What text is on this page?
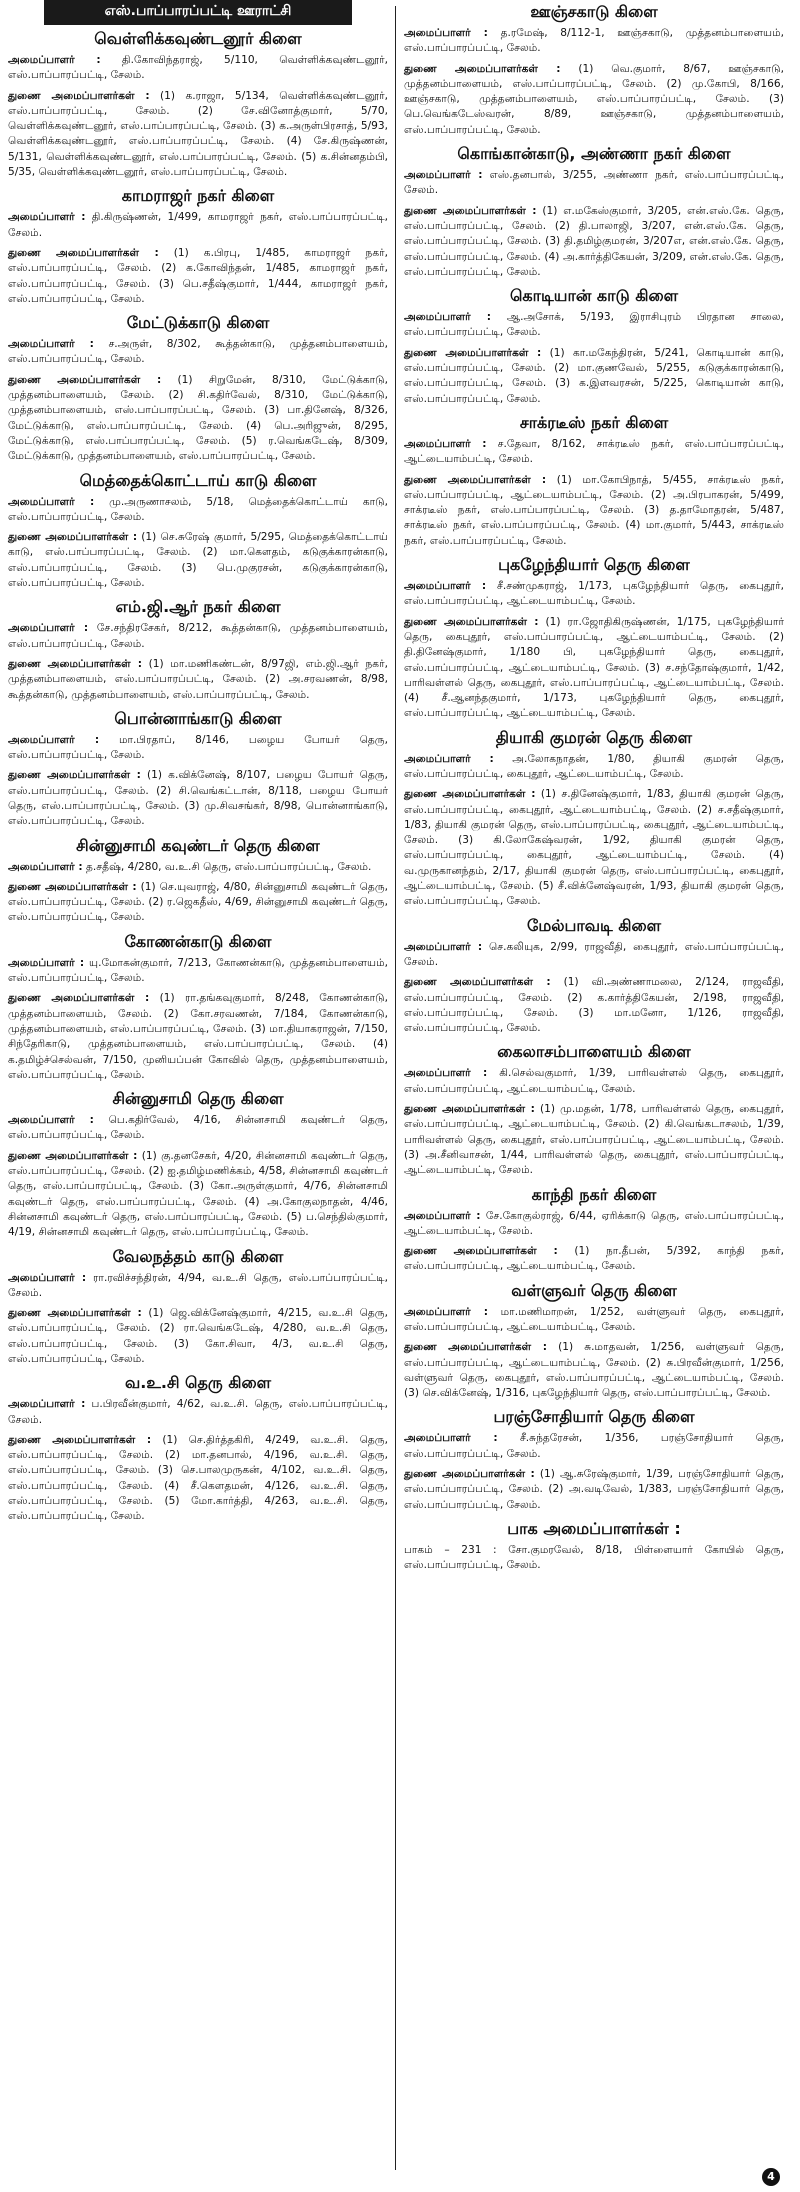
எஸ்.பாப்பாரப்பட்டி ஊராட்சி
வெள்ளிக்கவுண்டனூர் கிளை

அமைப்பாளர் : தி.கோவிந்தராஜ், 5/110, வெள்ளிக்கவுண்டனூர், எஸ்.பாப்பாரப்பட்டி, சேலம்.

துணை அமைப்பாளர்கள் : (1) க.ராஜா, 5/134, வெள்ளிக்கவுண்டனூர், எஸ்.பாப்பாரப்பட்டி, சேலம். (2) சே.வினோத்குமார், 5/70, வெள்ளிக்கவுண்டனூர், எஸ்.பாப்பாரப்பட்டி, சேலம். (3) க.அருள்பிரசாத், 5/93, வெள்ளிக்கவுண்டனூர், எஸ்.பாப்பாரப்பட்டி, சேலம். (4) சே.கிருஷ்ணன், 5/131, வெள்ளிக்கவுண்டனூர், எஸ்.பாப்பாரப்பட்டி, சேலம். (5) க.சின்னதம்பி, 5/35, வெள்ளிக்கவுண்டனூர், எஸ்.பாப்பாரப்பட்டி, சேலம்.

காமராஜர் நகர் கிளை

அமைப்பாளர் : தி.கிருஷ்ணன், 1/499, காமராஜர் நகர், எஸ்.பாப்பாரப்பட்டி, சேலம்.

துணை அமைப்பாளர்கள் : (1) க.பிரபு, 1/485, காமராஜர் நகர், எஸ்.பாப்பாரப்பட்டி, சேலம். (2) க.கோவிந்தன், 1/485, காமராஜர் நகர், எஸ்.பாப்பாரப்பட்டி, சேலம். (3) பெ.சதீஷ்குமார், 1/444, காமராஜர் நகர், எஸ்.பாப்பாரப்பட்டி, சேலம்.

மேட்டுக்காடு கிளை

அமைப்பாளர் : ச.அருள், 8/302, கூத்தன்காடு, முத்தனம்பாளையம், எஸ்.பாப்பாரப்பட்டி, சேலம்.

துணை அமைப்பாளர்கள் : (1) சிறுமேன், 8/310, மேட்டுக்காடு, முத்தனம்பாளையம், சேலம். (2) சி.கதிர்வேல், 8/310, மேட்டுக்காடு, முத்தனம்பாளையம், எஸ்.பாப்பாரப்பட்டி, சேலம். (3) பா.தினேஷ், 8/326, மேட்டுக்காடு, எஸ்.பாப்பாரப்பட்டி, சேலம். (4) பெ.அரிஜுன், 8/295, மேட்டுக்காடு, எஸ்.பாப்பாரப்பட்டி, சேலம். (5) ர.வெங்கடேஷ், 8/309, மேட்டுக்காடு, முத்தனம்பாளையம், எஸ்.பாப்பாரப்பட்டி, சேலம்.

மெத்தைக்கொட்டாய் காடு கிளை

அமைப்பாளர் : மு.அருணாசலம், 5/18, மெத்தைக்கொட்டாய் காடு, எஸ்.பாப்பாரப்பட்டி, சேலம்.

துணை அமைப்பாளர்கள் : (1) செ.சுரேஷ் குமார், 5/295, மெத்தைக்கொட்டாய் காடு, எஸ்.பாப்பாரப்பட்டி, சேலம். (2) மா.கௌதம், கடுகுக்காரன்காடு, எஸ்.பாப்பாரப்பட்டி, சேலம். (3) பெ.முகுரசன், கடுகுக்காரன்காடு, எஸ்.பாப்பாரப்பட்டி, சேலம்.

எம்.ஜி.ஆர் நகர் கிளை

அமைப்பாளர் : சே.சந்திரசேகர், 8/212, கூத்தன்காடு, முத்தனம்பாளையம், எஸ்.பாப்பாரப்பட்டி, சேலம்.

துணை அமைப்பாளர்கள் : (1) மா.மணிகண்டன், 8/97ஜி, எம்.ஜி.ஆர் நகர், முத்தனம்பாளையம், எஸ்.பாப்பாரப்பட்டி, சேலம். (2) அ.சரவணன், 8/98, கூத்தன்காடு, முத்தனம்பாளையம், எஸ்.பாப்பாரப்பட்டி, சேலம்.

பொன்னாங்காடு கிளை

அமைப்பாளர் : மா.பிரதாப், 8/146, பழைய போயர் தெரு, எஸ்.பாப்பாரப்பட்டி, சேலம்.

துணை அமைப்பாளர்கள் : (1) க.விக்னேஷ், 8/107, பழைய போயர் தெரு, எஸ்.பாப்பாரப்பட்டி, சேலம். (2) சி.வெங்கட்டான், 8/118, பழைய போயர் தெரு, எஸ்.பாப்பாரப்பட்டி, சேலம். (3) மு.சிவசங்கர், 8/98, பொன்னாங்காடு, எஸ்.பாப்பாரப்பட்டி, சேலம்.

சின்னுசாமி கவுண்டர் தெரு கிளை

அமைப்பாளர் : த.சதீஷ், 4/280, வ.உ.சி தெரு, எஸ்.பாப்பாரப்பட்டி, சேலம்.

துணை அமைப்பாளர்கள் : (1) செ.யுவராஜ், 4/80, சின்னுசாமி கவுண்டர் தெரு, எஸ்.பாப்பாரப்பட்டி, சேலம். (2) ர.ஜெகதீஸ், 4/69, சின்னுசாமி கவுண்டர் தெரு, எஸ்.பாப்பாரப்பட்டி, சேலம்.

கோணன்காடு கிளை

அமைப்பாளர் : யு.மோகன்குமார், 7/213, கோணன்காடு, முத்தனம்பாளையம், எஸ்.பாப்பாரப்பட்டி, சேலம்.

துணை அமைப்பாளர்கள் : (1) ரா.தங்கவுகுமார், 8/248, கோணன்காடு, முத்தனம்பாளையம், சேலம். (2) கோ.சரவணன், 7/184, கோணன்காடு, முத்தனம்பாளையம், எஸ்.பாப்பாரப்பட்டி, சேலம். (3) மா.தியாகராஜன், 7/150, சிந்தேரிகாடு, முத்தனம்பாளையம், எஸ்.பாப்பாரப்பட்டி, சேலம். (4) க.தமிழ்ச்செல்வன், 7/150, முனியப்பன் கோவில் தெரு, முத்தனம்பாளையம், எஸ்.பாப்பாரப்பட்டி, சேலம்.

சின்னுசாமி தெரு கிளை

அமைப்பாளர் : பெ.கதிர்வேல், 4/16, சின்னசாமி கவுண்டர் தெரு, எஸ்.பாப்பாரப்பட்டி, சேலம்.

துணை அமைப்பாளர்கள் : (1) கு.தனசேகர், 4/20, சின்னசாமி கவுண்டர் தெரு, எஸ்.பாப்பாரப்பட்டி, சேலம். (2) ஐ.தமிழ்மணிக்கம், 4/58, சின்னசாமி கவுண்டர் தெரு, எஸ்.பாப்பாரப்பட்டி, சேலம். (3) கோ.அருள்குமார், 4/76, சின்னசாமி கவுண்டர் தெரு, எஸ்.பாப்பாரப்பட்டி, சேலம். (4) அ.கோகுலநாதன், 4/46, சின்னசாமி கவுண்டர் தெரு, எஸ்.பாப்பாரப்பட்டி, சேலம். (5) ப.செந்தில்குமார், 4/19, சின்னசாமி கவுண்டர் தெரு, எஸ்.பாப்பாரப்பட்டி, சேலம்.

வேலநத்தம் காடு கிளை

அமைப்பாளர் : ரா.ரவிச்சந்திரன், 4/94, வ.உ.சி தெரு, எஸ்.பாப்பாரப்பட்டி, சேலம்.

துணை அமைப்பாளர்கள் : (1) ஜெ.விக்னேஷ்குமார், 4/215, வ.உ.சி தெரு, எஸ்.பாப்பாரப்பட்டி, சேலம். (2) ரா.வெங்கடேஷ், 4/280, வ.உ.சி தெரு, எஸ்.பாப்பாரப்பட்டி, சேலம். (3) கோ.சிவா, 4/3, வ.உ.சி தெரு, எஸ்.பாப்பாரப்பட்டி, சேலம்.

வ.உ.சி தெரு கிளை

அமைப்பாளர் : ப.பிரவீன்குமார், 4/62, வ.உ.சி. தெரு, எஸ்.பாப்பாரப்பட்டி, சேலம்.

துணை அமைப்பாளர்கள் : (1) செ.திர்த்தகிரி, 4/249, வ.உ.சி. தெரு, எஸ்.பாப்பாரப்பட்டி, சேலம். (2) மா.தனபால், 4/196, வ.உ.சி. தெரு, எஸ்.பாப்பாரப்பட்டி, சேலம். (3) செ.பாலமுருகன், 4/102, வ.உ.சி. தெரு, எஸ்.பாப்பாரப்பட்டி, சேலம். (4) சீ.கௌதமன், 4/126, வ.உ.சி. தெரு, எஸ்.பாப்பாரப்பட்டி, சேலம். (5) மோ.கார்த்தி, 4/263, வ.உ.சி. தெரு, எஸ்.பாப்பாரப்பட்டி, சேலம்.

ஊஞ்சகாடு கிளை

அமைப்பாளர் : த.ரமேஷ், 8/112-1, ஊஞ்சகாடு, முத்தனம்பாளையம், எஸ்.பாப்பாரப்பட்டி, சேலம்.

துணை அமைப்பாளர்கள் : (1) வெ.குமார், 8/67, ஊஞ்சகாடு, முத்தனம்பாளையம், எஸ்.பாப்பாரப்பட்டி, சேலம். (2) மு.கோபி, 8/166, ஊஞ்சகாடு, முத்தனம்பாளையம், எஸ்.பாப்பாரப்பட்டி, சேலம். (3) பெ.வெங்கடேஸ்வரன், 8/89, ஊஞ்சகாடு, முத்தனம்பாளையம், எஸ்.பாப்பாரப்பட்டி, சேலம்.

கொங்கான்காடு, அண்ணா நகர் கிளை

அமைப்பாளர் : எஸ்.தனபால், 3/255, அண்ணா நகர், எஸ்.பாப்பாரப்பட்டி, சேலம்.

துணை அமைப்பாளர்கள் : (1) எ.மகேஸ்குமார், 3/205, என்.எஸ்.கே. தெரு, எஸ்.பாப்பாரப்பட்டி, சேலம். (2) தி.பாலாஜி, 3/207, என்.எஸ்.கே. தெரு, எஸ்.பாப்பாரப்பட்டி, சேலம். (3) தி.தமிழ்குமரன், 3/207எ, என்.எஸ்.கே. தெரு, எஸ்.பாப்பாரப்பட்டி, சேலம். (4) அ.கார்த்திகேயன், 3/209, என்.எஸ்.கே. தெரு, எஸ்.பாப்பாரப்பட்டி, சேலம்.

கொடியான் காடு கிளை

அமைப்பாளர் : ஆ.அசோக், 5/193, இராசிபுரம் பிரதான சாலை, எஸ்.பாப்பாரப்பட்டி, சேலம்.

துணை அமைப்பாளர்கள் : (1) கா.மகேந்திரன், 5/241, கொடியான் காடு, எஸ்.பாப்பாரப்பட்டி, சேலம். (2) மா.குணவேல், 5/255, கடுகுக்காரன்காடு, எஸ்.பாப்பாரப்பட்டி, சேலம். (3) க.இளவரசன், 5/225, கொடியான் காடு, எஸ்.பாப்பாரப்பட்டி, சேலம்.

சாக்ரடீஸ் நகர் கிளை

அமைப்பாளர் : ச.தேவா, 8/162, சாக்ரடீஸ் நகர், எஸ்.பாப்பாரப்பட்டி, ஆட்டையாம்பட்டி, சேலம்.

துணை அமைப்பாளர்கள் : (1) மா.கோபிநாத், 5/455, சாக்ரடீஸ் நகர், எஸ்.பாப்பாரப்பட்டி, ஆட்டையாம்பட்டி, சேலம். (2) அ.பிரபாகரன், 5/499, சாக்ரடீஸ் நகர், எஸ்.பாப்பாரப்பட்டி, சேலம். (3) த.தாமோதரன், 5/487, சாக்ரடீஸ் நகர், எஸ்.பாப்பாரப்பட்டி, சேலம். (4) மா.குமார், 5/443, சாக்ரடீஸ் நகர், எஸ்.பாப்பாரப்பட்டி, சேலம்.

புகழேந்தியார் தெரு கிளை

அமைப்பாளர் : சீ.சண்முகராஜ், 1/173, புகழேந்தியார் தெரு, கைபுதூர், எஸ்.பாப்பாரப்பட்டி, ஆட்டையாம்பட்டி, சேலம்.

துணை அமைப்பாளர்கள் : (1) ரா.ஜோதிகிருஷ்ணன், 1/175, புகழேந்தியார் தெரு, கைபுதூர், எஸ்.பாப்பாரப்பட்டி, ஆட்டையாம்பட்டி, சேலம். (2) தி.தினேஷ்குமார், 1/180 பி, புகழேந்தியார் தெரு, கைபுதூர், எஸ்.பாப்பாரப்பட்டி, ஆட்டையாம்பட்டி, சேலம். (3) ச.சந்தோஷ்குமார், 1/42, பாரிவள்ளல் தெரு, கைபுதூர், எஸ்.பாப்பாரப்பட்டி, ஆட்டையாம்பட்டி, சேலம். (4) சீ.ஆனந்தகுமார், 1/173, புகழேந்தியார் தெரு, கைபுதூர், எஸ்.பாப்பாரப்பட்டி, ஆட்டையாம்பட்டி, சேலம்.

தியாகி குமரன் தெரு கிளை

அமைப்பாளர் : அ.லோகநாதன், 1/80, தியாகி குமரன் தெரு, எஸ்.பாப்பாரப்பட்டி, கைபுதூர், ஆட்டையாம்பட்டி, சேலம்.

துணை அமைப்பாளர்கள் : (1) ச.தினேஷ்குமார், 1/83, தியாகி குமரன் தெரு, எஸ்.பாப்பாரப்பட்டி, கைபுதூர், ஆட்டையாம்பட்டி, சேலம். (2) ச.சதீஷ்குமார், 1/83, தியாகி குமரன் தெரு, எஸ்.பாப்பாரப்பட்டி, கைபுதூர், ஆட்டையாம்பட்டி, சேலம். (3) கி.லோகேஷ்வரன், 1/92, தியாகி குமரன் தெரு, எஸ்.பாப்பாரப்பட்டி, கைபுதூர், ஆட்டையாம்பட்டி, சேலம். (4) வ.முருகானந்தம், 2/17, தியாகி குமரன் தெரு, எஸ்.பாப்பாரப்பட்டி, கைபுதூர், ஆட்டையாம்பட்டி, சேலம். (5) சீ.விக்னேஷ்வரன், 1/93, தியாகி குமரன் தெரு, எஸ்.பாப்பாரப்பட்டி, சேலம்.

மேல்பாவடி கிளை

அமைப்பாளர் : செ.கலியுக, 2/99, ராஜவீதி, கைபுதூர், எஸ்.பாப்பாரப்பட்டி, சேலம்.

துணை அமைப்பாளர்கள் : (1) வி.அண்ணாமலை, 2/124, ராஜவீதி, எஸ்.பாப்பாரப்பட்டி, சேலம். (2) க.கார்த்திகேயன், 2/198, ராஜவீதி, எஸ்.பாப்பாரப்பட்டி, சேலம். (3) மா.மனோ, 1/126, ராஜவீதி, எஸ்.பாப்பாரப்பட்டி, சேலம்.

கைலாசம்பாளையம் கிளை

அமைப்பாளர் : கி.செல்வகுமார், 1/39, பாரிவள்ளல் தெரு, கைபுதூர், எஸ்.பாப்பாரப்பட்டி, ஆட்டையாம்பட்டி, சேலம்.

துணை அமைப்பாளர்கள் : (1) மு.மதன், 1/78, பாரிவள்ளல் தெரு, கைபுதூர், எஸ்.பாப்பாரப்பட்டி, ஆட்டையாம்பட்டி, சேலம். (2) கி.வெங்கடாசலம், 1/39, பாரிவள்ளல் தெரு, கைபுதூர், எஸ்.பாப்பாரப்பட்டி, ஆட்டையாம்பட்டி, சேலம். (3) அ.சீனிவாசன், 1/44, பாரிவள்ளல் தெரு, கைபுதூர், எஸ்.பாப்பாரப்பட்டி, ஆட்டையாம்பட்டி, சேலம்.

காந்தி நகர் கிளை

அமைப்பாளர் : சே.கோகுல்ராஜ், 6/44, ஏரிக்காடு தெரு, எஸ்.பாப்பாரப்பட்டி, ஆட்டையாம்பட்டி, சேலம்.

துணை அமைப்பாளர்கள் : (1) நா.தீபன், 5/392, காந்தி நகர், எஸ்.பாப்பாரப்பட்டி, ஆட்டையாம்பட்டி, சேலம்.

வள்ளுவர் தெரு கிளை

அமைப்பாளர் : மா.மணிமாறன், 1/252, வள்ளுவர் தெரு, கைபுதூர், எஸ்.பாப்பாரப்பட்டி, ஆட்டையாம்பட்டி, சேலம்.

துணை அமைப்பாளர்கள் : (1) சு.மாதவன், 1/256, வள்ளுவர் தெரு, எஸ்.பாப்பாரப்பட்டி, ஆட்டையாம்பட்டி, சேலம். (2) சு.பிரவீன்குமார், 1/256, வள்ளுவர் தெரு, கைபுதூர், எஸ்.பாப்பாரப்பட்டி, ஆட்டையாம்பட்டி, சேலம். (3) செ.விக்னேஷ், 1/316, புகழேந்தியார் தெரு, எஸ்.பாப்பாரப்பட்டி, சேலம்.

பரஞ்சோதியார் தெரு கிளை

அமைப்பாளர் : சீ.சுந்தரேசன், 1/356, பரஞ்சோதியார் தெரு, எஸ்.பாப்பாரப்பட்டி, சேலம்.

துணை அமைப்பாளர்கள் : (1) ஆ.சுரேஷ்குமார், 1/39, பரஞ்சோதியார் தெரு, எஸ்.பாப்பாரப்பட்டி, சேலம். (2) அ.வடிவேல், 1/383, பரஞ்சோதியார் தெரு, எஸ்.பாப்பாரப்பட்டி, சேலம்.

பாக அமைப்பாளர்கள் :

பாகம் – 231 : சோ.குமரவேல், 8/18, பிள்ளையார் கோயில் தெரு, எஸ்.பாப்பாரப்பட்டி, சேலம்.

4
